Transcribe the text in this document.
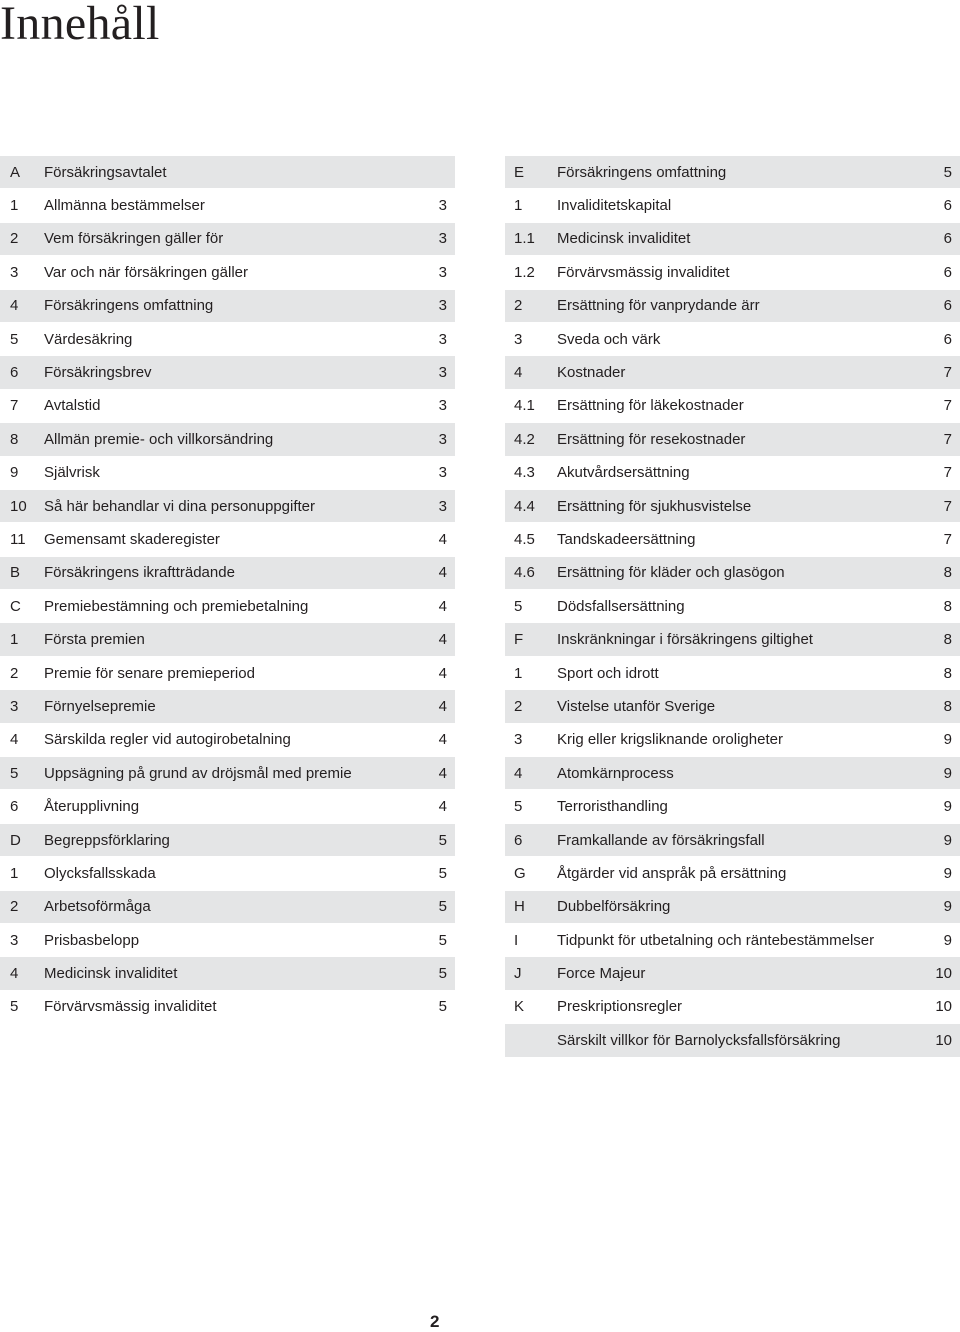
Innehåll
A	Försäkringsavtalet
1	Allmänna bestämmelser	3
2	Vem försäkringen gäller för	3
3	Var och när försäkringen gäller	3
4	Försäkringens omfattning	3
5	Värdesäkring	3
6	Försäkringsbrev	3
7	Avtalstid	3
8	Allmän premie- och villkorsändring	3
9	Självrisk	3
10	Så här behandlar vi dina personuppgifter	3
11	Gemensamt skaderegister	4
B	Försäkringens ikraftträdande	4
C	Premiebestämning och premiebetalning	4
1	Första premien	4
2	Premie för senare premieperiod	4
3	Förnyelsepremie	4
4	Särskilda regler vid autogirobetalning	4
5	Uppsägning på grund av dröjsmål med premie	4
6	Återupplivning	4
D	Begreppsförklaring	5
1	Olycksfallsskada	5
2	Arbetsoförmåga	5
3	Prisbasbelopp	5
4	Medicinsk invaliditet	5
5	Förvärvsmässig invaliditet	5
E	Försäkringens omfattning	5
1	Invaliditetskapital	6
1.1	Medicinsk invaliditet	6
1.2	Förvärvsmässig invaliditet	6
2	Ersättning för vanprydande ärr	6
3	Sveda och värk	6
4	Kostnader	7
4.1	Ersättning för läkekostnader	7
4.2	Ersättning för resekostnader	7
4.3	Akutvårdsersättning	7
4.4	Ersättning för sjukhusvistelse	7
4.5	Tandskadeersättning	7
4.6	Ersättning för kläder och glasögon	8
5	Dödsfallsersättning	8
F	Inskränkningar i försäkringens giltighet	8
1	Sport och idrott	8
2	Vistelse utanför Sverige	8
3	Krig eller krigsliknande oroligheter	9
4	Atomkärnprocess	9
5	Terroristhandling	9
6	Framkallande av försäkringsfall	9
G	Åtgärder vid anspråk på ersättning	9
H	Dubbelförsäkring	9
I	Tidpunkt för utbetalning och räntebestämmelser	9
J	Force Majeur	10
K	Preskriptionsregler	10
Särskilt villkor för Barnolycksfallsförsäkring	10
2
